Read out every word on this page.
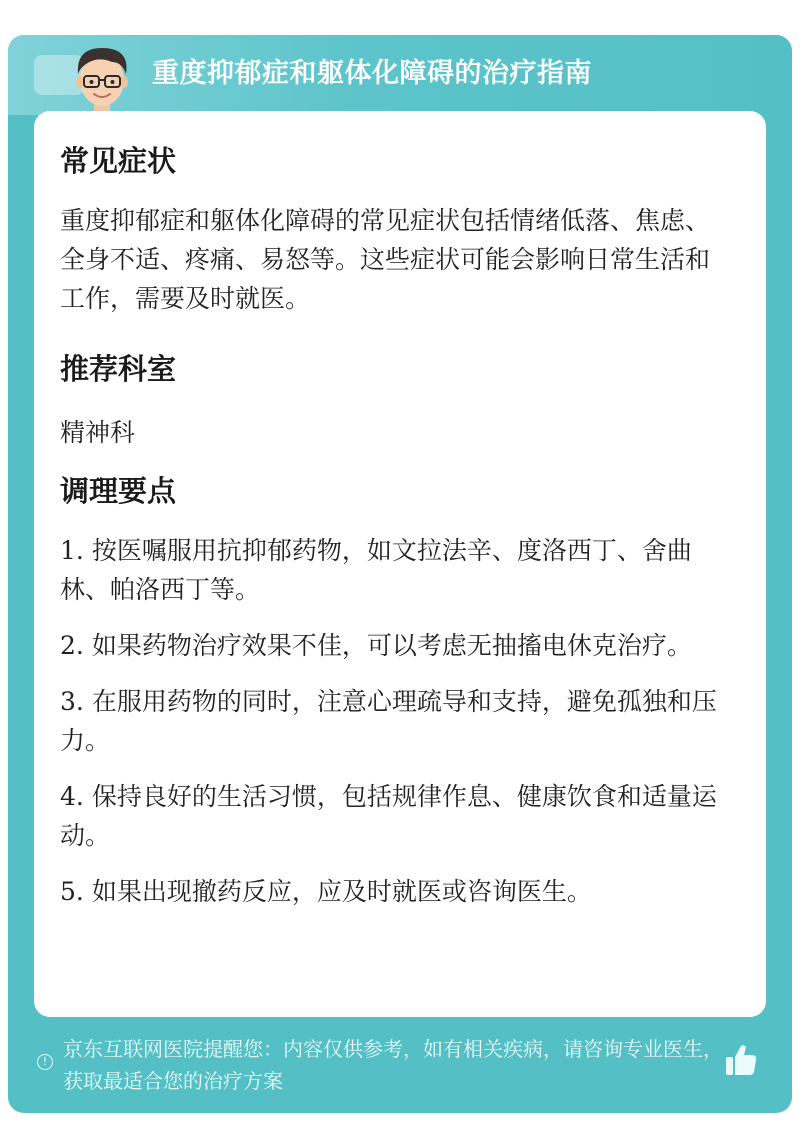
重度抑郁症和躯体化障碍的治疗指南
常见症状

重度抑郁症和躯体化障碍的常见症状包括情绪低落、焦虑、全身不适、疼痛、易怒等。这些症状可能会影响日常生活和工作，需要及时就医。

推荐科室

精神科

调理要点
1. 按医嘱服用抗抑郁药物，如文拉法辛、度洛西丁、舍曲林、帕洛西丁等。
2. 如果药物治疗效果不佳，可以考虑无抽搐电休克治疗。
3. 在服用药物的同时，注意心理疏导和支持，避免孤独和压力。
4. 保持良好的生活习惯，包括规律作息、健康饮食和适量运动。
5. 如果出现撤药反应，应及时就医或咨询医生。
!

京东互联网医院提醒您：内容仅供参考，如有相关疾病，请咨询专业医生，获取最适合您的治疗方案
